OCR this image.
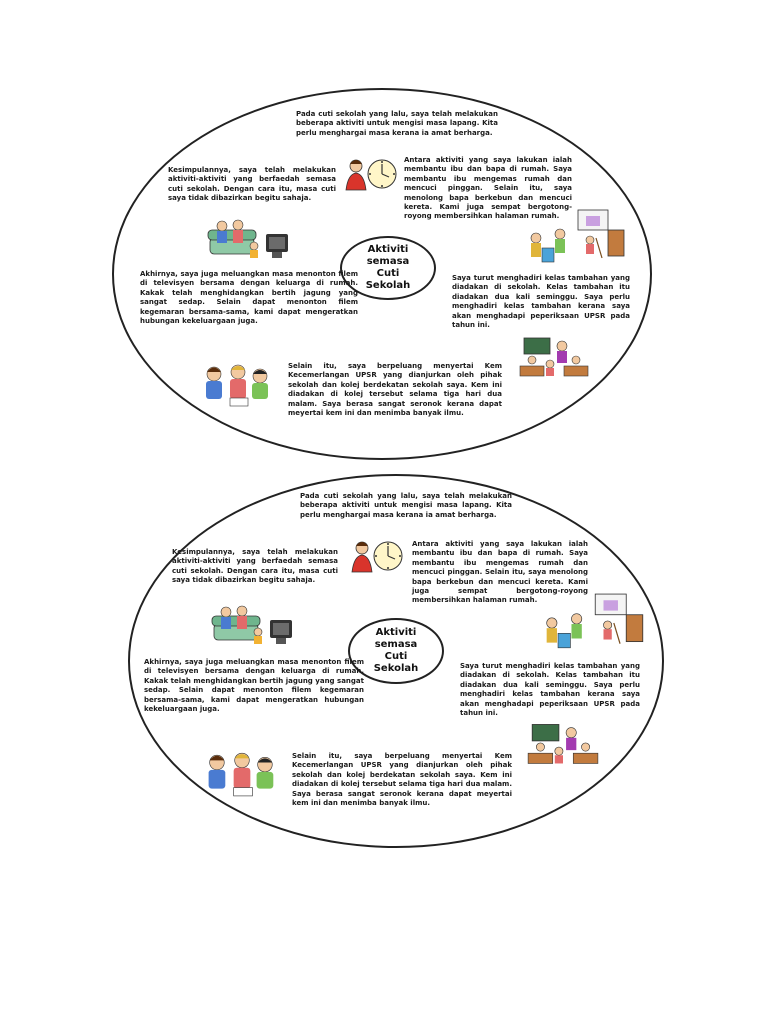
Aktiviti
semasa
Cuti
Sekolah
Pada cuti sekolah yang lalu, saya telah melakukan beberapa aktiviti untuk mengisi masa lapang. Kita perlu menghargai masa kerana ia amat berharga.
Kesimpulannya, saya telah melakukan aktiviti-aktiviti yang berfaedah semasa cuti sekolah. Dengan cara itu, masa cuti saya tidak dibazirkan begitu sahaja.
Antara aktiviti yang saya lakukan ialah membantu ibu dan bapa di rumah. Saya membantu ibu mengemas rumah dan mencuci pinggan. Selain itu, saya menolong bapa berkebun dan mencuci kereta. Kami juga sempat bergotong-royong membersihkan halaman rumah.
Akhirnya, saya juga meluangkan masa menonton filem di televisyen bersama dengan keluarga di rumah. Kakak telah menghidangkan bertih jagung yang sangat sedap. Selain dapat menonton filem kegemaran bersama-sama, kami dapat mengeratkan hubungan kekeluargaan juga.
Saya turut menghadiri kelas tambahan yang diadakan di sekolah. Kelas tambahan itu diadakan dua kali seminggu. Saya perlu menghadiri kelas tambahan kerana saya akan menghadapi peperiksaan UPSR pada tahun ini.
Selain itu, saya berpeluang menyertai Kem Kecemerlangan UPSR yang dianjurkan oleh pihak sekolah dan kolej berdekatan sekolah saya. Kem ini diadakan di kolej tersebut selama tiga hari dua malam. Saya berasa sangat seronok kerana dapat meyertai kem ini dan menimba banyak ilmu.
Aktiviti
semasa
Cuti
Sekolah
Pada cuti sekolah yang lalu, saya telah melakukan beberapa aktiviti untuk mengisi masa lapang. Kita perlu menghargai masa kerana ia amat berharga.
Kesimpulannya, saya telah melakukan aktiviti-aktiviti yang berfaedah semasa cuti sekolah. Dengan cara itu, masa cuti saya tidak dibazirkan begitu sahaja.
Antara aktiviti yang saya lakukan ialah membantu ibu dan bapa di rumah. Saya membantu ibu mengemas rumah dan mencuci pinggan. Selain itu, saya menolong bapa berkebun dan mencuci kereta. Kami juga sempat bergotong-royong membersihkan halaman rumah.
Akhirnya, saya juga meluangkan masa menonton filem di televisyen bersama dengan keluarga di rumah. Kakak telah menghidangkan bertih jagung yang sangat sedap. Selain dapat menonton filem kegemaran bersama-sama, kami dapat mengeratkan hubungan kekeluargaan juga.
Saya turut menghadiri kelas tambahan yang diadakan di sekolah. Kelas tambahan itu diadakan dua kali seminggu. Saya perlu menghadiri kelas tambahan kerana saya akan menghadapi peperiksaan UPSR pada tahun ini.
Selain itu, saya berpeluang menyertai Kem Kecemerlangan UPSR yang dianjurkan oleh pihak sekolah dan kolej berdekatan sekolah saya. Kem ini diadakan di kolej tersebut selama tiga hari dua malam. Saya berasa sangat seronok kerana dapat meyertai kem ini dan menimba banyak ilmu.
